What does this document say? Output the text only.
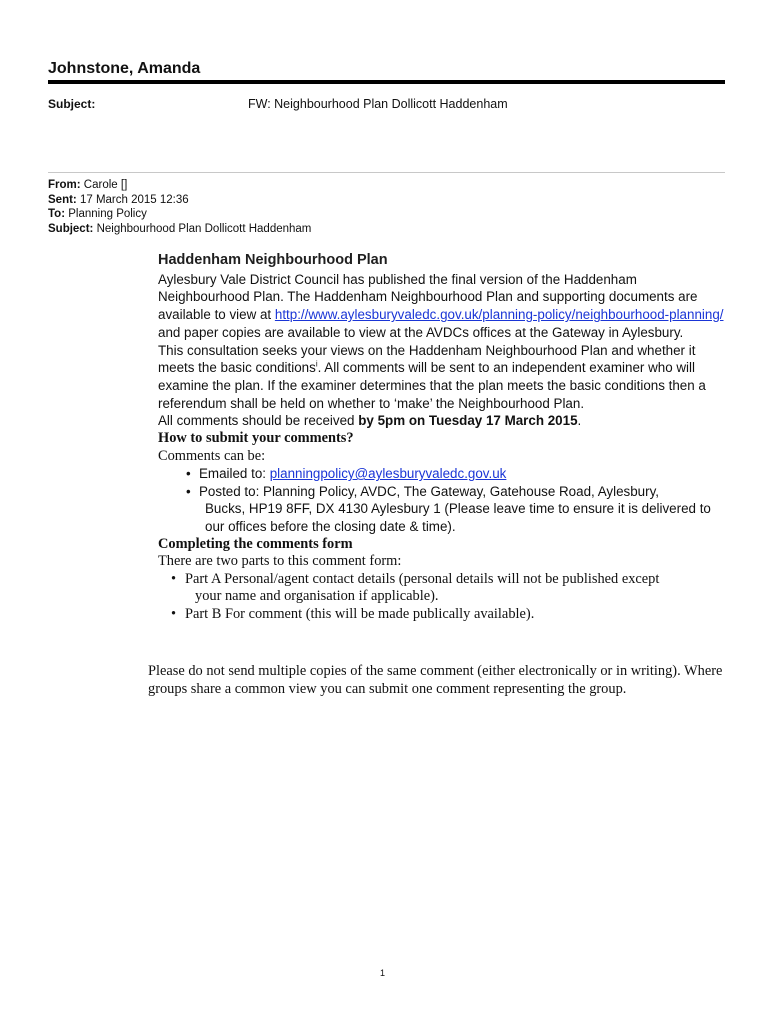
Johnstone, Amanda
Subject:	FW: Neighbourhood Plan Dollicott Haddenham
From: Carole []
Sent: 17 March 2015 12:36
To: Planning Policy
Subject: Neighbourhood Plan Dollicott Haddenham

Haddenham Neighbourhood Plan

Aylesbury Vale District Council has published the final version of the Haddenham Neighbourhood Plan. The Haddenham Neighbourhood Plan and supporting documents are available to view at http://www.aylesburyvaledc.gov.uk/planning-policy/neighbourhood-planning/ and paper copies are available to view at the AVDCs offices at the Gateway in Aylesbury.

This consultation seeks your views on the Haddenham Neighbourhood Plan and whether it meets the basic conditions$^i$. All comments will be sent to an independent examiner who will examine the plan. If the examiner determines that the plan meets the basic conditions then a referendum shall be held on whether to ‘make’ the Neighbourhood Plan.

All comments should be received by 5pm on Tuesday 17 March 2015.

How to submit your comments?
Comments can be:
• Emailed to: planningpolicy@aylesburyvaledc.gov.uk
• Posted to: Planning Policy, AVDC, The Gateway, Gatehouse Road, Aylesbury,
Bucks, HP19 8FF, DX 4130 Aylesbury 1 (Please leave time to ensure it is delivered to our offices before the closing date & time).
Completing the comments form
There are two parts to this comment form:
• Part A Personal/agent contact details (personal details will not be published except
your name and organisation if applicable).
• Part B For comment (this will be made publically available).
Please do not send multiple copies of the same comment (either electronically or in writing). Where groups share a common view you can submit one comment representing the group.
1
